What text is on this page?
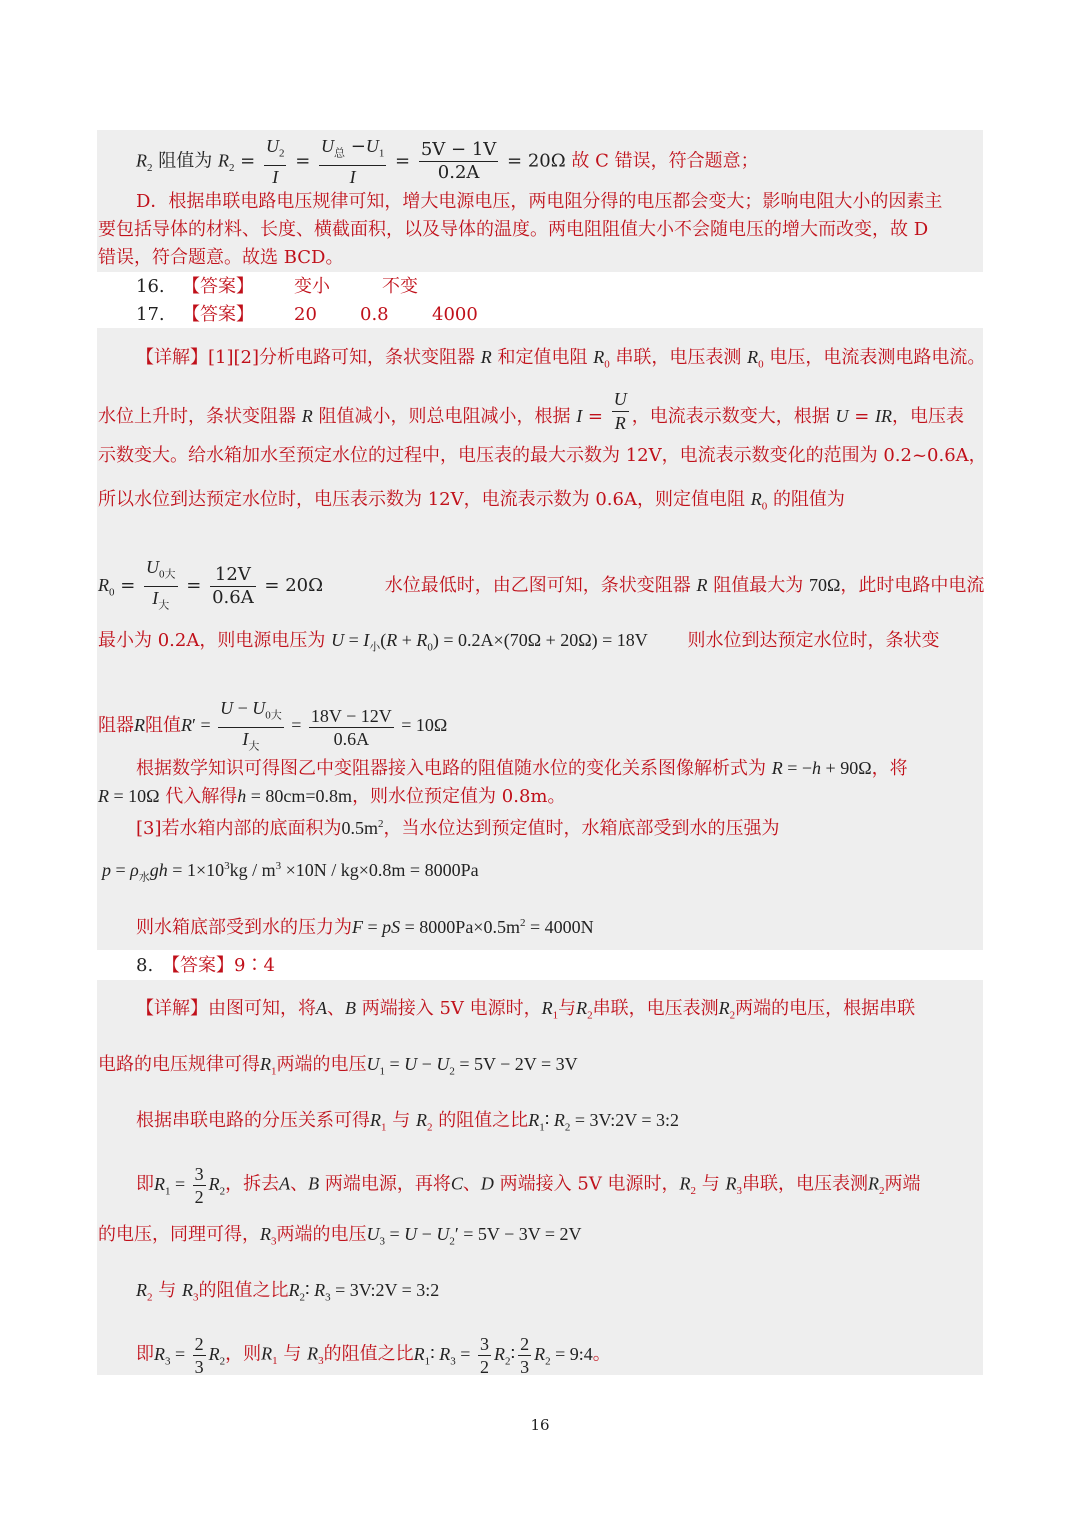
$R_2$ 阻值为 $R_2 = \frac{U_2}{I} = \frac{U_总 -U_1}{I} = \frac{5V - 1V}{0.2A} = 20\Omega$ 故 C 错误，符合题意；
D．根据串联电路电压规律可知，增大电源电压，两电阻分得的电压都会变大；影响电阻大小的因素主
要包括导体的材料、长度、横截面积，以及导体的温度。两电阻阻值大小不会随电压的增大而改变，故 D
错误，符合题意。故选 BCD。
16. 【答案】 变小	不变
17. 【答案】 20 0.8 4000
【详解】[1][2]分析电路可知，条状变阻器 R 和定值电阻 $R_0$ 串联，电压表测 $R_0$ 电压，电流表测电路电流。
水位上升时，条状变阻器 R 阻值减小，则总电阻减小，根据 $I = \frac{U}{R}$ ，电流表示数变大，根据 U = IR，电压表
示数变大。给水箱加水至预定水位的过程中，电压表的最大示数为 12V，电流表示数变化的范围为 0.2~0.6A，
所以水位到达预定水位时，电压表示数为 12V，电流表示数为 0.6A，则定值电阻 $R_0$ 的阻值为
$R_0 = \frac{U_{0大}}{I_大} = \frac{12V}{0.6A} = 20\Omega$	水位最低时，由乙图可知，条状变阻器 R 阻值最大为 70Ω，此时电路中电流
最小为 0.2A，则电源电压为 $U = I_小(R + R_0) = 0.2A\times(70\Omega + 20\Omega) = 18V$ 则水位到达预定水位时，条状变
阻器R阻值$R' = \frac{U - U_{0大}}{I_大} = \frac{18V - 12V}{0.6A} = 10\Omega$
根据数学知识可得图乙中变阻器接入电路的阻值随水位的变化关系图像解析式为 R = −h + 90Ω，将
R = 10Ω 代入解得h = 80cm=0.8m，则水位预定值为 0.8m。
[3]若水箱内部的底面积为$0.5m^2$，当水位达到预定值时，水箱底部受到水的压强为
$p = \rho_水gh = 1\times 10^3kg / m^3 \times 10N / kg\times 0.8m = 8000Pa$
则水箱底部受到水的压力为F = pS = $8000Pa\times 0.5m^2 = 4000N$
8. 【答案】9∶4
【详解】由图可知，将A、B 两端接入 5V 电源时，$R_1$与$R_2$串联，电压表测$R_2$两端的电压，根据串联
电路的电压规律可得$R_1$两端的电压$U_1 = U - U_2 = 5V - 2V = 3V$
根据串联电路的分压关系可得$R_1$ 与 $R_2$ 的阻值之比$R_1∶$ $R_2$ = 3V:2V = 3:2
即$R_1 = \frac{3}{2} R_2$，拆去A、B 两端电源，再将C、D 两端接入 5V 电源时，$R_2$ 与 $R_3$串联，电压表测$R_2$两端
的电压，同理可得，$R_3$两端的电压$U_3 = U - U_2' = 5V - 3V = 2V$
$R_2$ 与 $R_3$的阻值之比$R_2∶$ $R_3$ = 3V:2V = 3:2
即$R_3 = \frac{2}{3} R_2$，则$R_1$ 与 $R_3$的阻值之比$R_1∶$ $R_3 = \frac{3}{2}$ $R_2∶ \frac{2}{3} R_2$ = 9:4。
16
